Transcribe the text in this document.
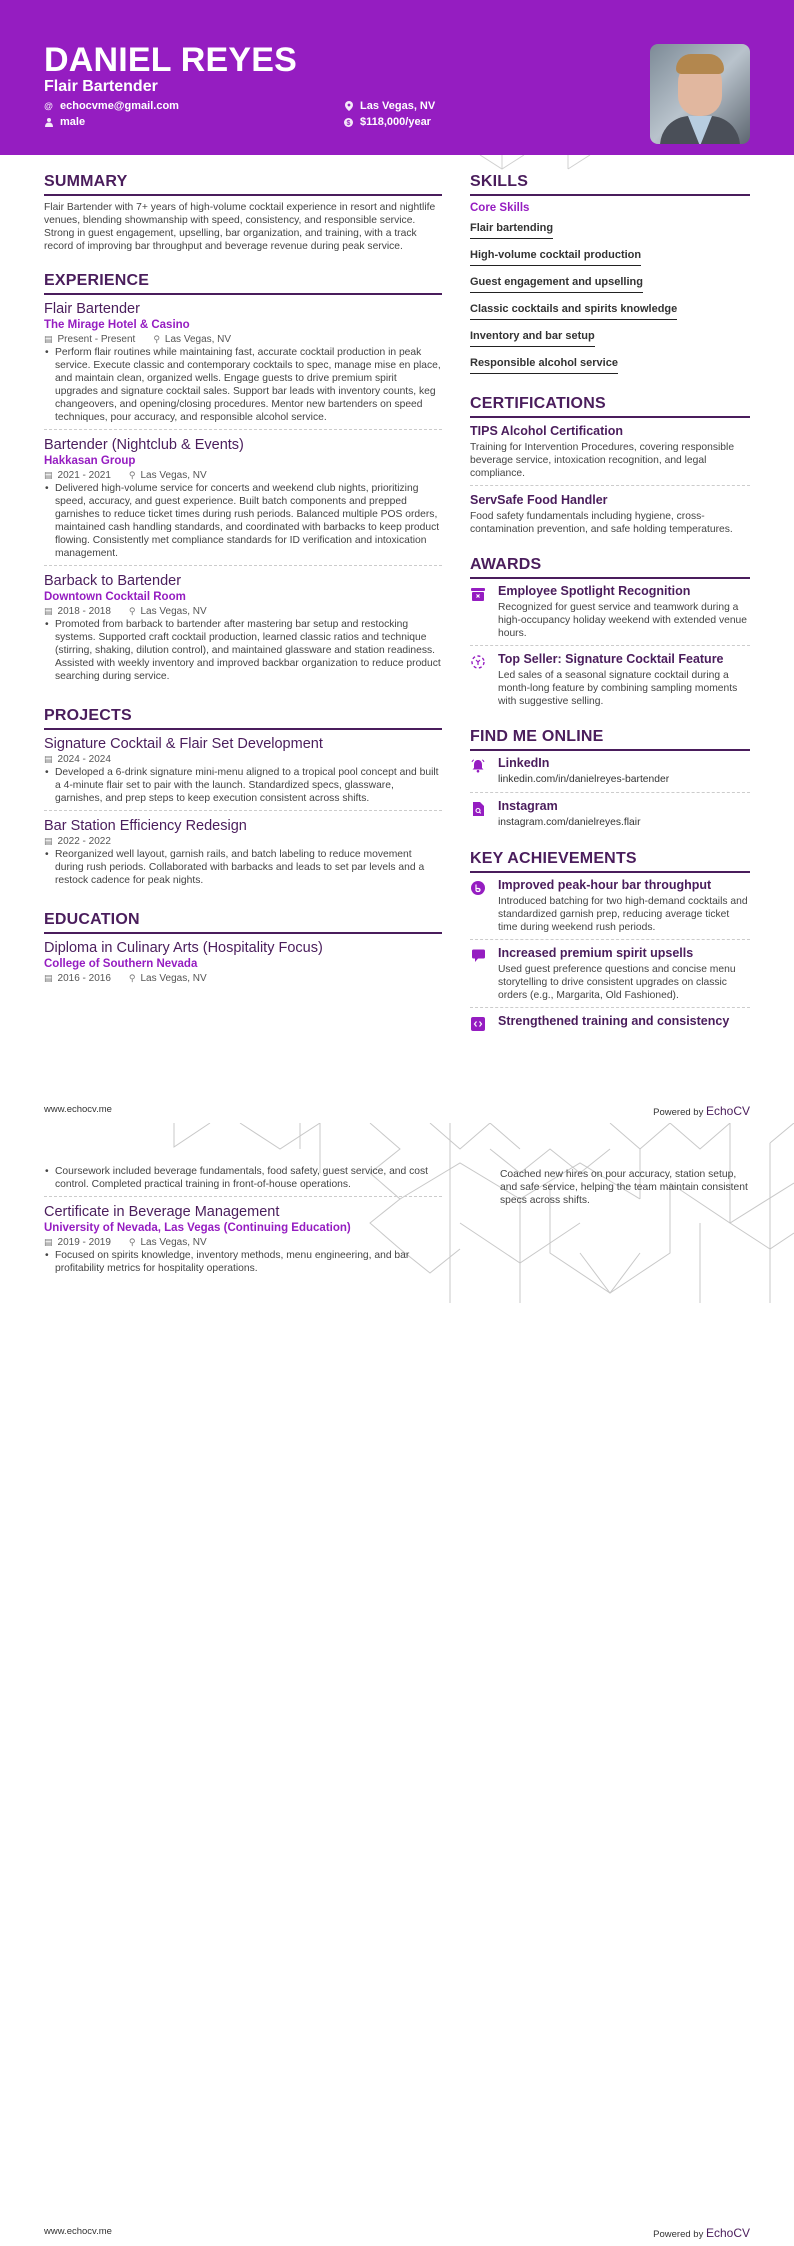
DANIEL REYES
Flair Bartender
@ echocvme@gmail.com
male
Las Vegas, NV
$ $118,000/year
SUMMARY
Flair Bartender with 7+ years of high-volume cocktail experience in resort and nightlife venues, blending showmanship with speed, consistency, and responsible service. Strong in guest engagement, upselling, bar organization, and training, with a track record of improving bar throughput and beverage revenue during peak service.
EXPERIENCE
Flair Bartender
The Mirage Hotel & Casino
▤ Present - Present ⚲ Las Vegas, NV
• Perform flair routines while maintaining fast, accurate cocktail production in peak service. Execute classic and contemporary cocktails to spec, manage mise en place, and maintain clean, organized wells. Engage guests to drive premium spirit upgrades and signature cocktail sales. Support bar leads with inventory counts, keg changeovers, and opening/closing procedures. Mentor new bartenders on speed techniques, pour accuracy, and responsible alcohol service.
Bartender (Nightclub & Events)
Hakkasan Group
▤ 2021 - 2021 ⚲ Las Vegas, NV
• Delivered high-volume service for concerts and weekend club nights, prioritizing speed, accuracy, and guest experience. Built batch components and prepped garnishes to reduce ticket times during rush periods. Balanced multiple POS orders, maintained cash handling standards, and coordinated with barbacks to keep product flowing. Consistently met compliance standards for ID verification and intoxication management.
Barback to Bartender
Downtown Cocktail Room
▤ 2018 - 2018 ⚲ Las Vegas, NV
• Promoted from barback to bartender after mastering bar setup and restocking systems. Supported craft cocktail production, learned classic ratios and technique (stirring, shaking, dilution control), and maintained glassware and station readiness. Assisted with weekly inventory and improved backbar organization to reduce product searching during service.
PROJECTS
Signature Cocktail & Flair Set Development
▤ 2024 - 2024
• Developed a 6-drink signature mini-menu aligned to a tropical pool concept and built a 4-minute flair set to pair with the launch. Standardized specs, glassware, garnishes, and prep steps to keep execution consistent across shifts.
Bar Station Efficiency Redesign
▤ 2022 - 2022
• Reorganized well layout, garnish rails, and batch labeling to reduce movement during rush periods. Collaborated with barbacks and leads to set par levels and a restock cadence for peak nights.
EDUCATION
Diploma in Culinary Arts (Hospitality Focus)
College of Southern Nevada
▤ 2016 - 2016 ⚲ Las Vegas, NV
SKILLS
Core Skills
Flair bartending
High-volume cocktail production
Guest engagement and upselling
Classic cocktails and spirits knowledge
Inventory and bar setup
Responsible alcohol service
CERTIFICATIONS
TIPS Alcohol Certification
Training for Intervention Procedures, covering responsible beverage service, intoxication recognition, and legal compliance.
ServSafe Food Handler
Food safety fundamentals including hygiene, cross-contamination prevention, and safe holding temperatures.
AWARDS
Employee Spotlight Recognition
Recognized for guest service and teamwork during a high-occupancy holiday weekend with extended venue hours.
Top Seller: Signature Cocktail Feature
Led sales of a seasonal signature cocktail during a month-long feature by combining sampling moments with suggestive selling.
FIND ME ONLINE
LinkedIn
linkedin.com/in/danielreyes-bartender
Instagram
instagram.com/danielreyes.flair
KEY ACHIEVEMENTS
Improved peak-hour bar throughput
Introduced batching for two high-demand cocktails and standardized garnish prep, reducing average ticket time during weekend rush periods.
Increased premium spirit upsells
Used guest preference questions and concise menu storytelling to drive consistent upgrades on classic orders (e.g., Margarita, Old Fashioned).
Strengthened training and consistency
www.echocv.me	Powered by EchoCV
• Coursework included beverage fundamentals, food safety, guest service, and cost control. Completed practical training in front-of-house operations.
Certificate in Beverage Management
University of Nevada, Las Vegas (Continuing Education)
▤ 2019 - 2019 ⚲ Las Vegas, NV
• Focused on spirits knowledge, inventory methods, menu engineering, and bar profitability metrics for hospitality operations.
Coached new hires on pour accuracy, station setup, and safe service, helping the team maintain consistent specs across shifts.
www.echocv.me	Powered by EchoCV
